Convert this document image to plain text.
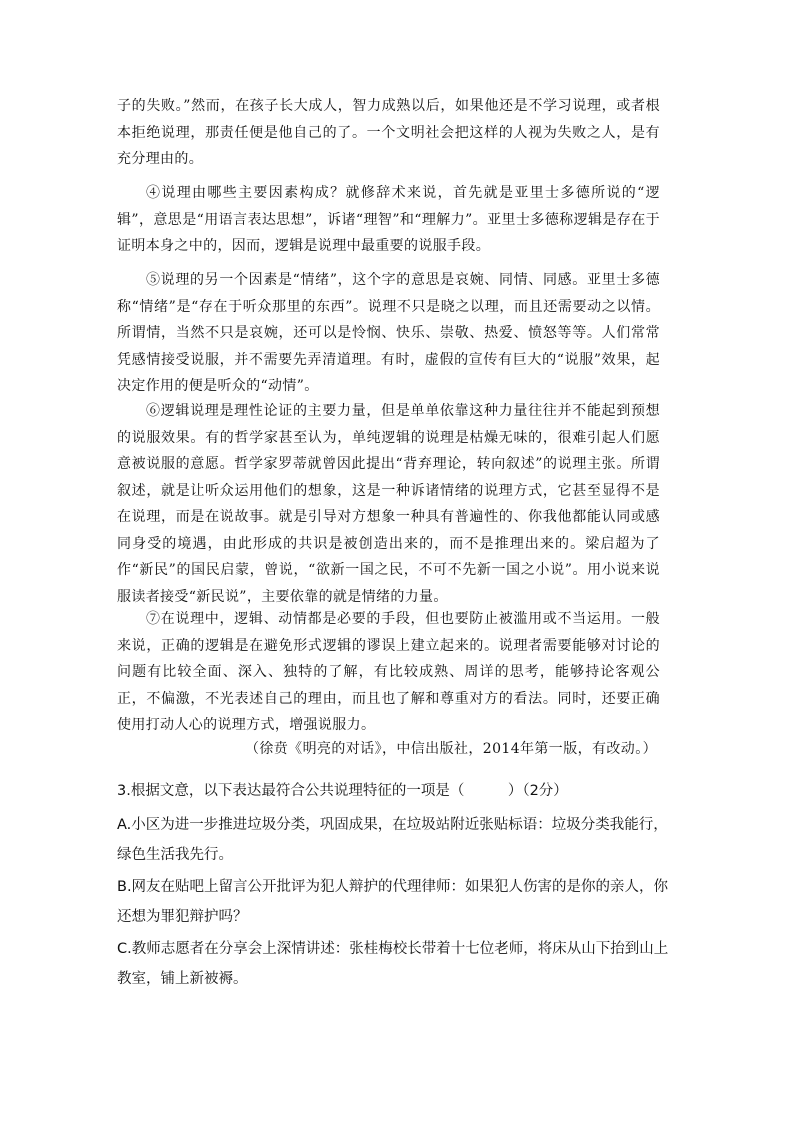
子的失败。”然而，在孩子长大成人，智力成熟以后，如果他还是不学习说理，或者根本拒绝说理，那责任便是他自己的了。一个文明社会把这样的人视为失败之人，是有充分理由的。

④说理由哪些主要因素构成？就修辞术来说，首先就是亚里士多德所说的“逻辑”，意思是“用语言表达思想”，诉诸“理智”和“理解力”。亚里士多德称逻辑是存在于证明本身之中的，因而，逻辑是说理中最重要的说服手段。

⑤说理的另一个因素是“情绪”，这个字的意思是哀婉、同情、同感。亚里士多德称“情绪”是“存在于听众那里的东西”。说理不只是晓之以理，而且还需要动之以情。所谓情，当然不只是哀婉，还可以是怜悯、快乐、崇敬、热爱、愤怒等等。人们常常凭感情接受说服，并不需要先弄清道理。有时，虚假的宣传有巨大的“说服”效果，起决定作用的便是听众的“动情”。

⑥逻辑说理是理性论证的主要力量，但是单单依靠这种力量往往并不能起到预想的说服效果。有的哲学家甚至认为，单纯逻辑的说理是枯燥无味的，很难引起人们愿意被说服的意愿。哲学家罗蒂就曾因此提出“背弃理论，转向叙述”的说理主张。所谓叙述，就是让听众运用他们的想象，这是一种诉诸情绪的说理方式，它甚至显得不是在说理，而是在说故事。就是引导对方想象一种具有普遍性的、你我他都能认同或感同身受的境遇，由此形成的共识是被创造出来的，而不是推理出来的。梁启超为了作“新民”的国民启蒙，曾说，“欲新一国之民，不可不先新一国之小说”。用小说来说服读者接受“新民说”，主要依靠的就是情绪的力量。

⑦在说理中，逻辑、动情都是必要的手段，但也要防止被滥用或不当运用。一般来说，正确的逻辑是在避免形式逻辑的谬误上建立起来的。说理者需要能够对讨论的问题有比较全面、深入、独特的了解，有比较成熟、周详的思考，能够持论客观公正，不偏激，不光表述自己的理由，而且也了解和尊重对方的看法。同时，还要正确使用打动人心的说理方式，增强说服力。

（徐贲《明亮的对话》，中信出版社，2014年第一版，有改动。）

3.根据文意，以下表达最符合公共说理特征的一项是（　　　）（2分）

A.小区为进一步推进垃圾分类，巩固成果，在垃圾站附近张贴标语：垃圾分类我能行，绿色生活我先行。

B.网友在贴吧上留言公开批评为犯人辩护的代理律师：如果犯人伤害的是你的亲人，你还想为罪犯辩护吗？

C.教师志愿者在分享会上深情讲述：张桂梅校长带着十七位老师，将床从山下抬到山上教室，铺上新被褥。
